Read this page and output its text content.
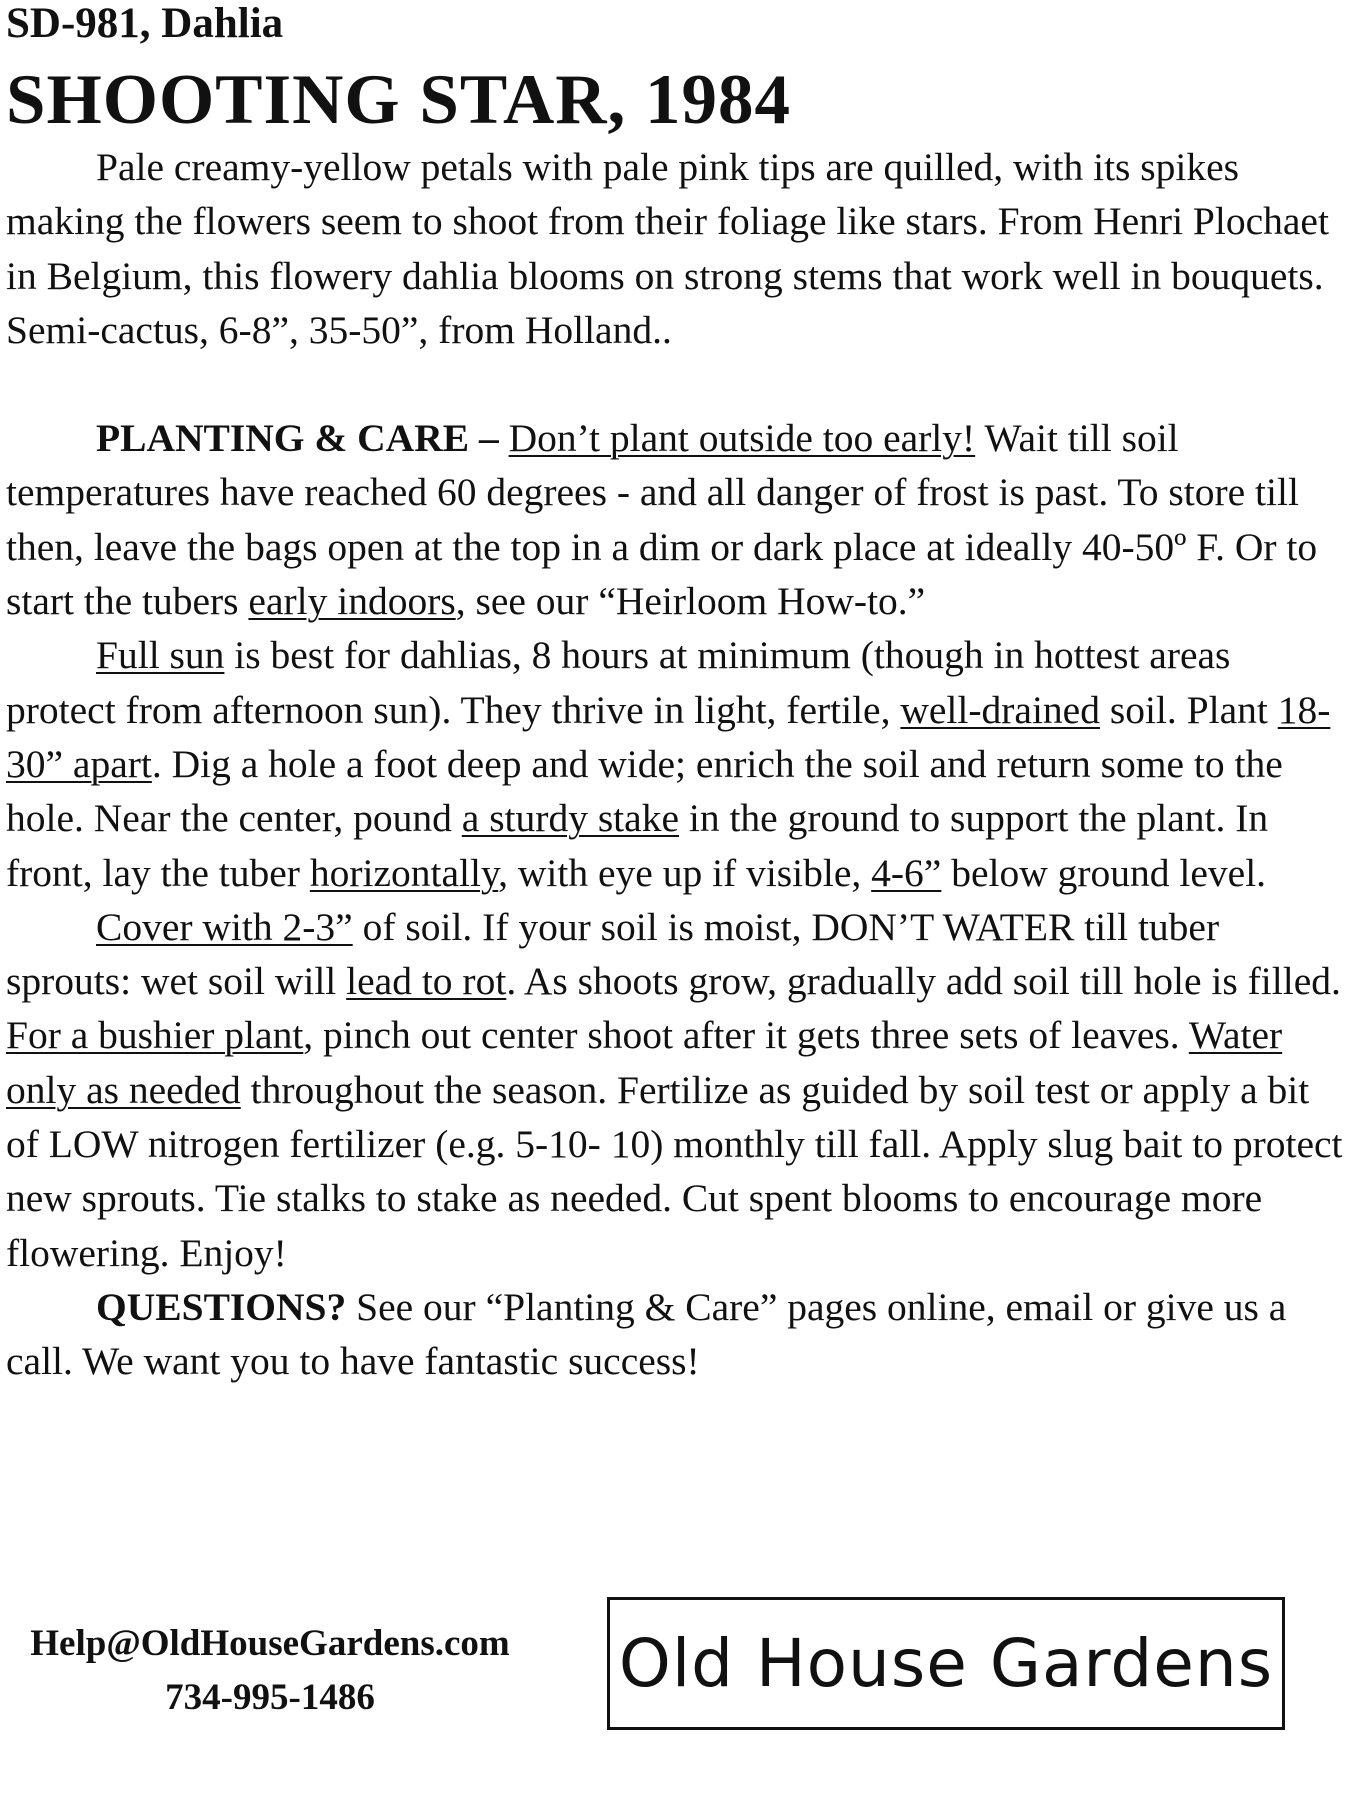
SD-981, Dahlia
SHOOTING STAR, 1984

Pale creamy-yellow petals with pale pink tips are quilled, with its spikes making the flowers seem to shoot from their foliage like stars. From Henri Plochaet in Belgium, this flowery dahlia blooms on strong stems that work well in bouquets. Semi-cactus, 6-8”, 35-50”, from Holland..

PLANTING & CARE – Don’t plant outside too early! Wait till soil temperatures have reached 60 degrees - and all danger of frost is past. To store till then, leave the bags open at the top in a dim or dark place at ideally 40-50º F. Or to start the tubers early indoors, see our “Heirloom How-to.”

Full sun is best for dahlias, 8 hours at minimum (though in hottest areas protect from afternoon sun). They thrive in light, fertile, well-drained soil. Plant 18-30” apart. Dig a hole a foot deep and wide; enrich the soil and return some to the hole. Near the center, pound a sturdy stake in the ground to support the plant. In front, lay the tuber horizontally, with eye up if visible, 4-6” below ground level.

Cover with 2-3” of soil. If your soil is moist, DON’T WATER till tuber sprouts: wet soil will lead to rot. As shoots grow, gradually add soil till hole is filled. For a bushier plant, pinch out center shoot after it gets three sets of leaves. Water only as needed throughout the season. Fertilize as guided by soil test or apply a bit of LOW nitrogen fertilizer (e.g. 5-10- 10) monthly till fall. Apply slug bait to protect new sprouts. Tie stalks to stake as needed. Cut spent blooms to encourage more flowering. Enjoy!

QUESTIONS? See our “Planting & Care” pages online, email or give us a call. We want you to have fantastic success!

Help@OldHouseGardens.com
734-995-1486	Old House Gardens
